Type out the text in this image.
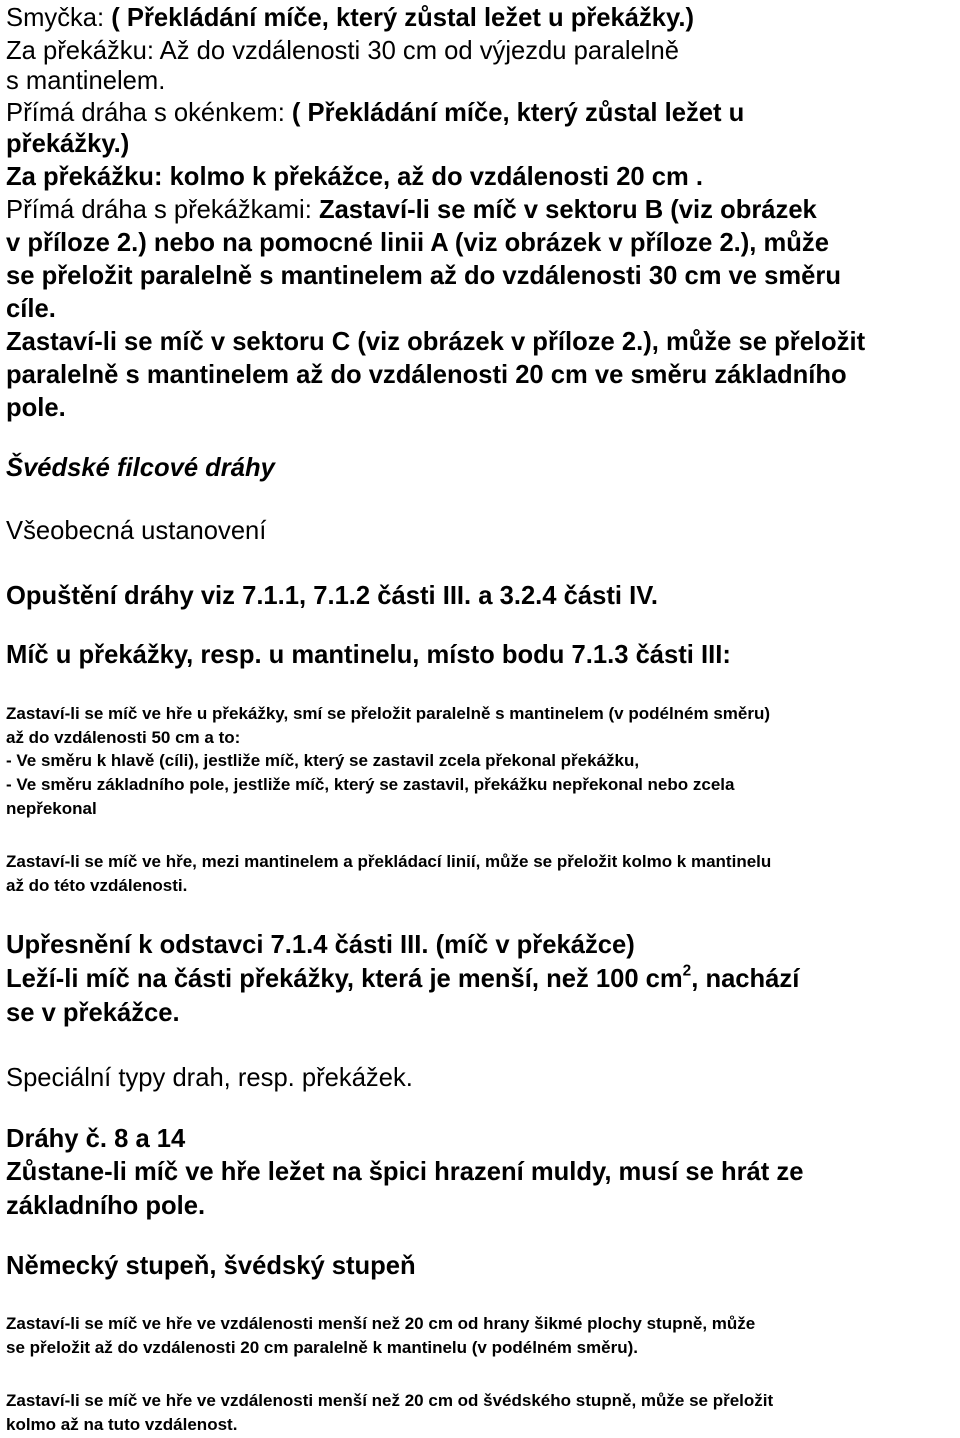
Smyčka: ( Překládání míče, který zůstal ležet u překážky.)
Za překážku: Až do vzdálenosti 30 cm od výjezdu paralelně
s mantinelem.
Přímá dráha s okénkem: ( Překládání míče, který zůstal ležet u
překážky.)
Za překážku: kolmo k překážce, až do vzdálenosti 20 cm .
Přímá dráha s překážkami: Zastaví-li se míč v sektoru B (viz obrázek
v příloze 2.) nebo na pomocné linii A (viz obrázek v příloze 2.), může
se přeložit paralelně s mantinelem až do vzdálenosti 30 cm ve směru
cíle.
Zastaví-li se míč v sektoru C (viz obrázek v příloze 2.), může se přeložit
paralelně s mantinelem až do vzdálenosti 20 cm ve směru základního
pole.
Švédské filcové dráhy
Všeobecná ustanovení
Opuštění dráhy viz 7.1.1, 7.1.2 části III. a 3.2.4 části IV.
Míč u překážky, resp. u mantinelu, místo bodu 7.1.3 části III:
Zastaví-li se míč ve hře u překážky, smí se přeložit paralelně s mantinelem (v podélném směru)
až do vzdálenosti 50 cm a to:
- Ve směru k hlavě (cíli), jestliže míč, který se zastavil zcela překonal překážku,
- Ve směru základního pole, jestliže míč, který se zastavil, překážku nepřekonal nebo zcela
nepřekonal
Zastaví-li se míč ve hře, mezi mantinelem a překládací linií, může se přeložit kolmo k mantinelu
až do této vzdálenosti.
Upřesnění k odstavci 7.1.4 části III. (míč v překážce)
Leží-li míč na části překážky, která je menší, než 100 $cm^2$, nachází
se v překážce.
Speciální typy drah, resp. překážek.
Dráhy č. 8 a 14
Zůstane-li míč ve hře ležet na špici hrazení muldy, musí se hrát ze
základního pole.
Německý stupeň, švédský stupeň
Zastaví-li se míč ve hře ve vzdálenosti menší než 20 cm od hrany šikmé plochy stupně, může
se přeložit až do vzdálenosti 20 cm paralelně k mantinelu (v podélném směru).
Zastaví-li se míč ve hře ve vzdálenosti menší než 20 cm od švédského stupně, může se přeložit
kolmo až na tuto vzdálenost.
